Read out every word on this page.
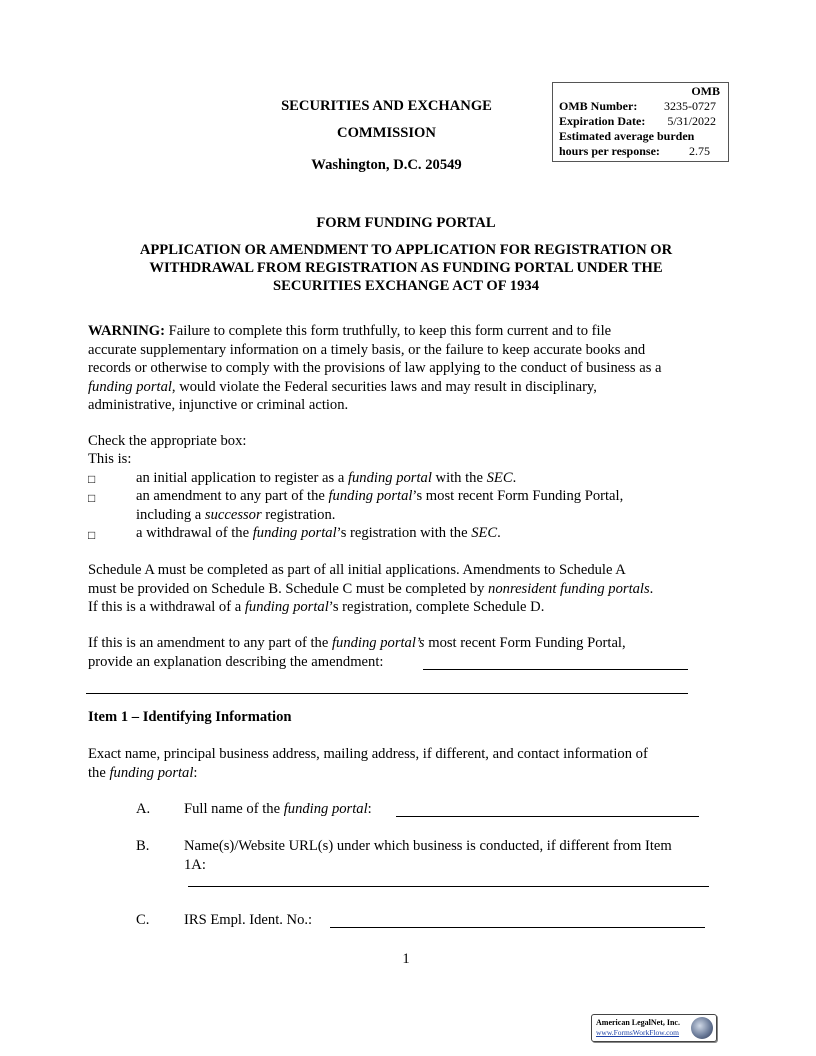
OMB
OMB Number: 3235-0727
Expiration Date: 5/31/2022
Estimated average burden
hours per response: 2.75
SECURITIES AND EXCHANGE
COMMISSION
Washington, D.C. 20549
FORM FUNDING PORTAL
APPLICATION OR AMENDMENT TO APPLICATION FOR REGISTRATION OR
WITHDRAWAL FROM REGISTRATION AS FUNDING PORTAL UNDER THE
SECURITIES EXCHANGE ACT OF 1934
WARNING: Failure to complete this form truthfully, to keep this form current and to file
accurate supplementary information on a timely basis, or the failure to keep accurate books and
records or otherwise to comply with the provisions of law applying to the conduct of business as a
funding portal, would violate the Federal securities laws and may result in disciplinary,
administrative, injunctive or criminal action.
Check the appropriate box:
This is:
□	an initial application to register as a funding portal with the SEC.
□	an amendment to any part of the funding portal’s most recent Form Funding Portal,
including a successor registration.
□	a withdrawal of the funding portal’s registration with the SEC.
Schedule A must be completed as part of all initial applications. Amendments to Schedule A
must be provided on Schedule B. Schedule C must be completed by nonresident funding portals.
If this is a withdrawal of a funding portal’s registration, complete Schedule D.
If this is an amendment to any part of the funding portal’s most recent Form Funding Portal,
provide an explanation describing the amendment:
Item 1 – Identifying Information
Exact name, principal business address, mailing address, if different, and contact information of
the funding portal:
A. Full name of the funding portal:
B. Name(s)/Website URL(s) under which business is conducted, if different from Item
1A:
C. IRS Empl. Ident. No.:
1
American LegalNet, Inc.
www.FormsWorkFlow.com
